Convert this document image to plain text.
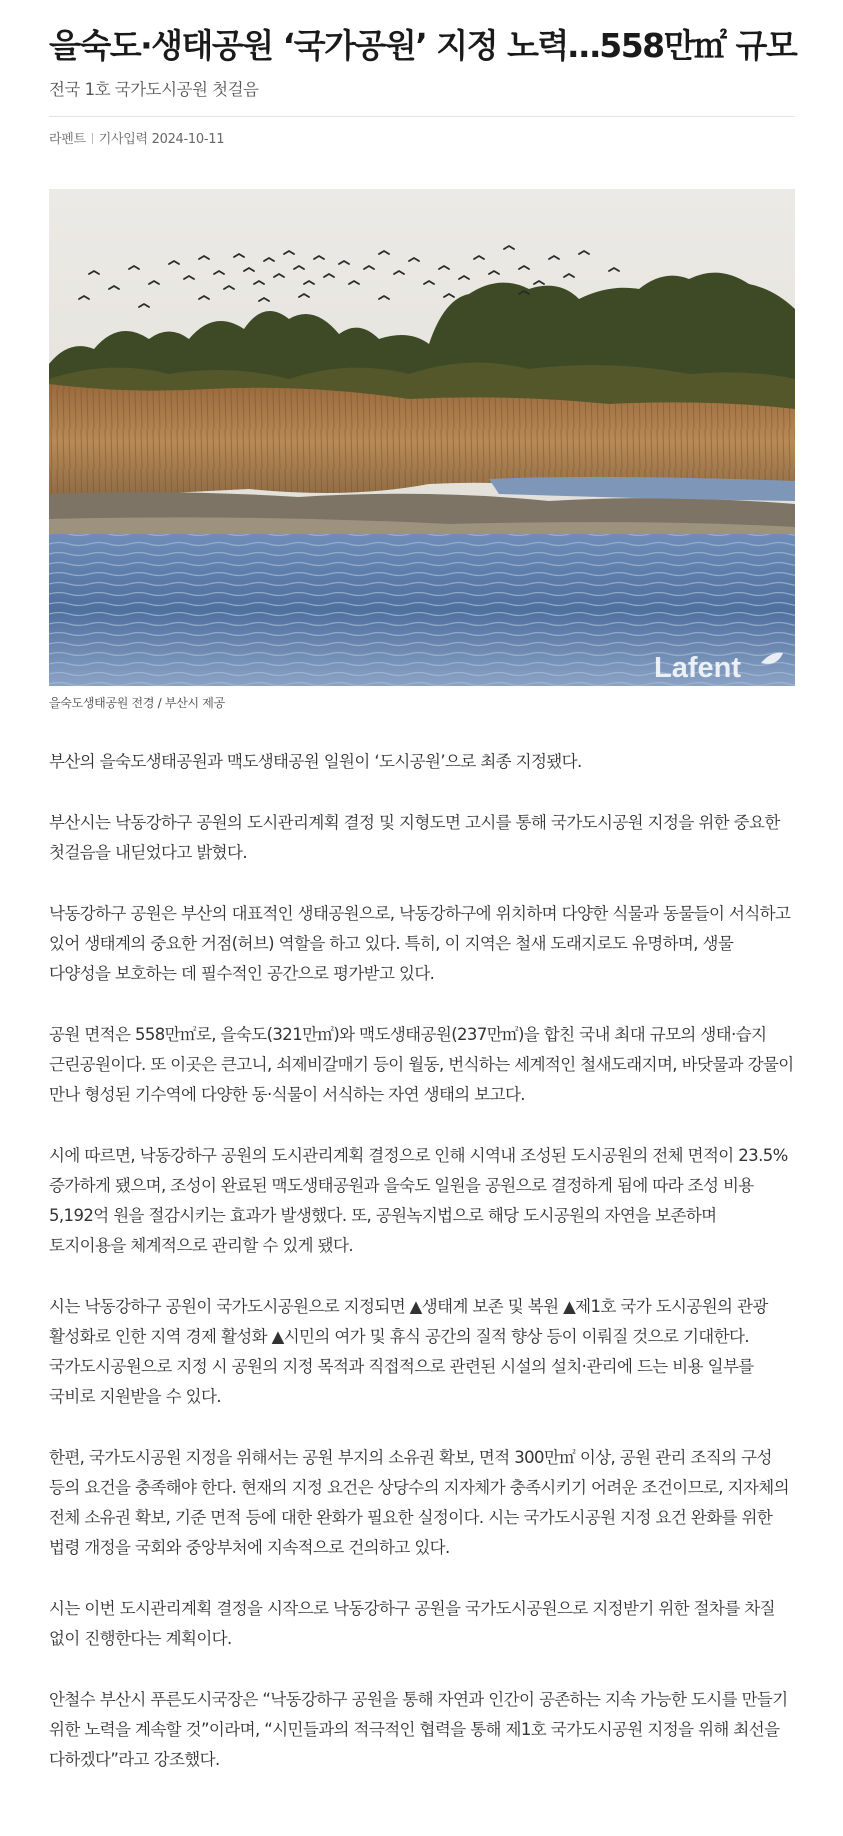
을숙도·생태공원 ‘국가공원’ 지정 노력…558만㎡ 규모
전국 1호 국가도시공원 첫걸음
라펜트 기사입력 2024-10-11
Lafent
을숙도생태공원 전경 / 부산시 제공

부산의 을숙도생태공원과 맥도생태공원 일원이 ‘도시공원’으로 최종 지정됐다.

부산시는 낙동강하구 공원의 도시관리계획 결정 및 지형도면 고시를 통해 국가도시공원 지정을 위한 중요한 첫걸음을 내딛었다고 밝혔다.

낙동강하구 공원은 부산의 대표적인 생태공원으로, 낙동강하구에 위치하며 다양한 식물과 동물들이 서식하고 있어 생태계의 중요한 거점(허브) 역할을 하고 있다. 특히, 이 지역은 철새 도래지로도 유명하며, 생물 다양성을 보호하는 데 필수적인 공간으로 평가받고 있다.

공원 면적은 558만㎡로, 을숙도(321만㎡)와 맥도생태공원(237만㎡)을 합친 국내 최대 규모의 생태·습지 근린공원이다. 또 이곳은 큰고니, 쇠제비갈매기 등이 월동, 번식하는 세계적인 철새도래지며, 바닷물과 강물이 만나 형성된 기수역에 다양한 동·식물이 서식하는 자연 생태의 보고다.

시에 따르면, 낙동강하구 공원의 도시관리계획 결정으로 인해 시역내 조성된 도시공원의 전체 면적이 23.5% 증가하게 됐으며, 조성이 완료된 맥도생태공원과 을숙도 일원을 공원으로 결정하게 됨에 따라 조성 비용 5,192억 원을 절감시키는 효과가 발생했다. 또, 공원녹지법으로 해당 도시공원의 자연을 보존하며 토지이용을 체계적으로 관리할 수 있게 됐다.

시는 낙동강하구 공원이 국가도시공원으로 지정되면 ▲생태계 보존 및 복원 ▲제1호 국가 도시공원의 관광 활성화로 인한 지역 경제 활성화 ▲시민의 여가 및 휴식 공간의 질적 향상 등이 이뤄질 것으로 기대한다. 국가도시공원으로 지정 시 공원의 지정 목적과 직접적으로 관련된 시설의 설치·관리에 드는 비용 일부를 국비로 지원받을 수 있다.

한편, 국가도시공원 지정을 위해서는 공원 부지의 소유권 확보, 면적 300만㎡ 이상, 공원 관리 조직의 구성 등의 요건을 충족해야 한다. 현재의 지정 요건은 상당수의 지자체가 충족시키기 어려운 조건이므로, 지자체의 전체 소유권 확보, 기준 면적 등에 대한 완화가 필요한 실정이다. 시는 국가도시공원 지정 요건 완화를 위한 법령 개정을 국회와 중앙부처에 지속적으로 건의하고 있다.

시는 이번 도시관리계획 결정을 시작으로 낙동강하구 공원을 국가도시공원으로 지정받기 위한 절차를 차질 없이 진행한다는 계획이다.

안철수 부산시 푸른도시국장은 “낙동강하구 공원을 통해 자연과 인간이 공존하는 지속 가능한 도시를 만들기 위한 노력을 계속할 것”이라며, “시민들과의 적극적인 협력을 통해 제1호 국가도시공원 지정을 위해 최선을 다하겠다”라고 강조했다.
